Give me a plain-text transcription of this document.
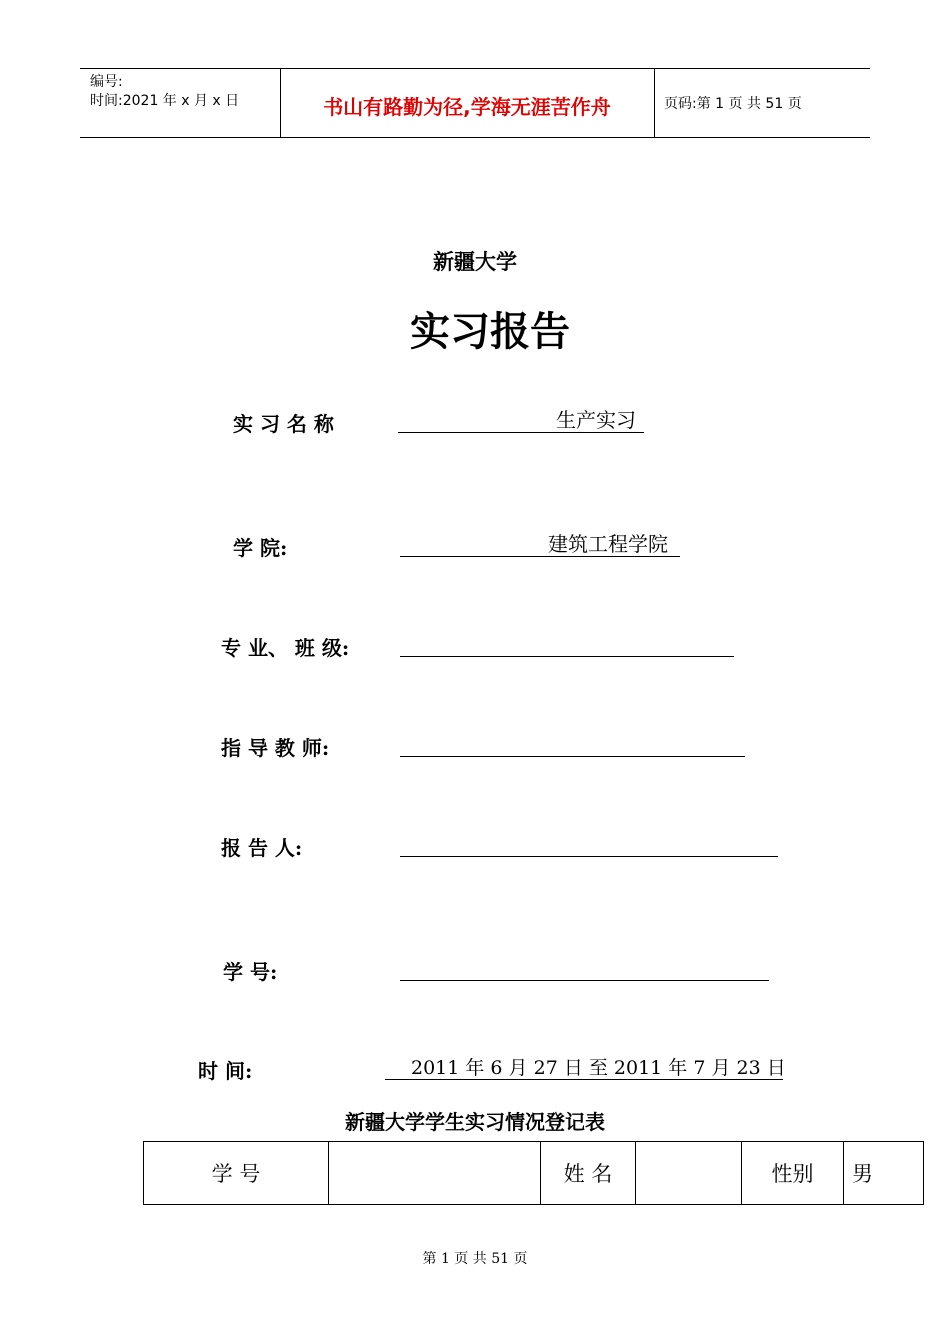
编号:
时间:2021 年 x 月 x 日	书山有路勤为径,学海无涯苦作舟	页码:第 1 页 共 51 页
新疆大学
实习报告
实 习 名 称	生产实习
学 院:	建筑工程学院
专 业、 班 级:
指 导 教 师:
报 告 人:
学 号:
时 间:	2011 年 6 月 27 日 至 2011 年 7 月 23 日
新疆大学学生实习情况登记表
学 号		姓 名		性别	男
第 1 页 共 51 页
